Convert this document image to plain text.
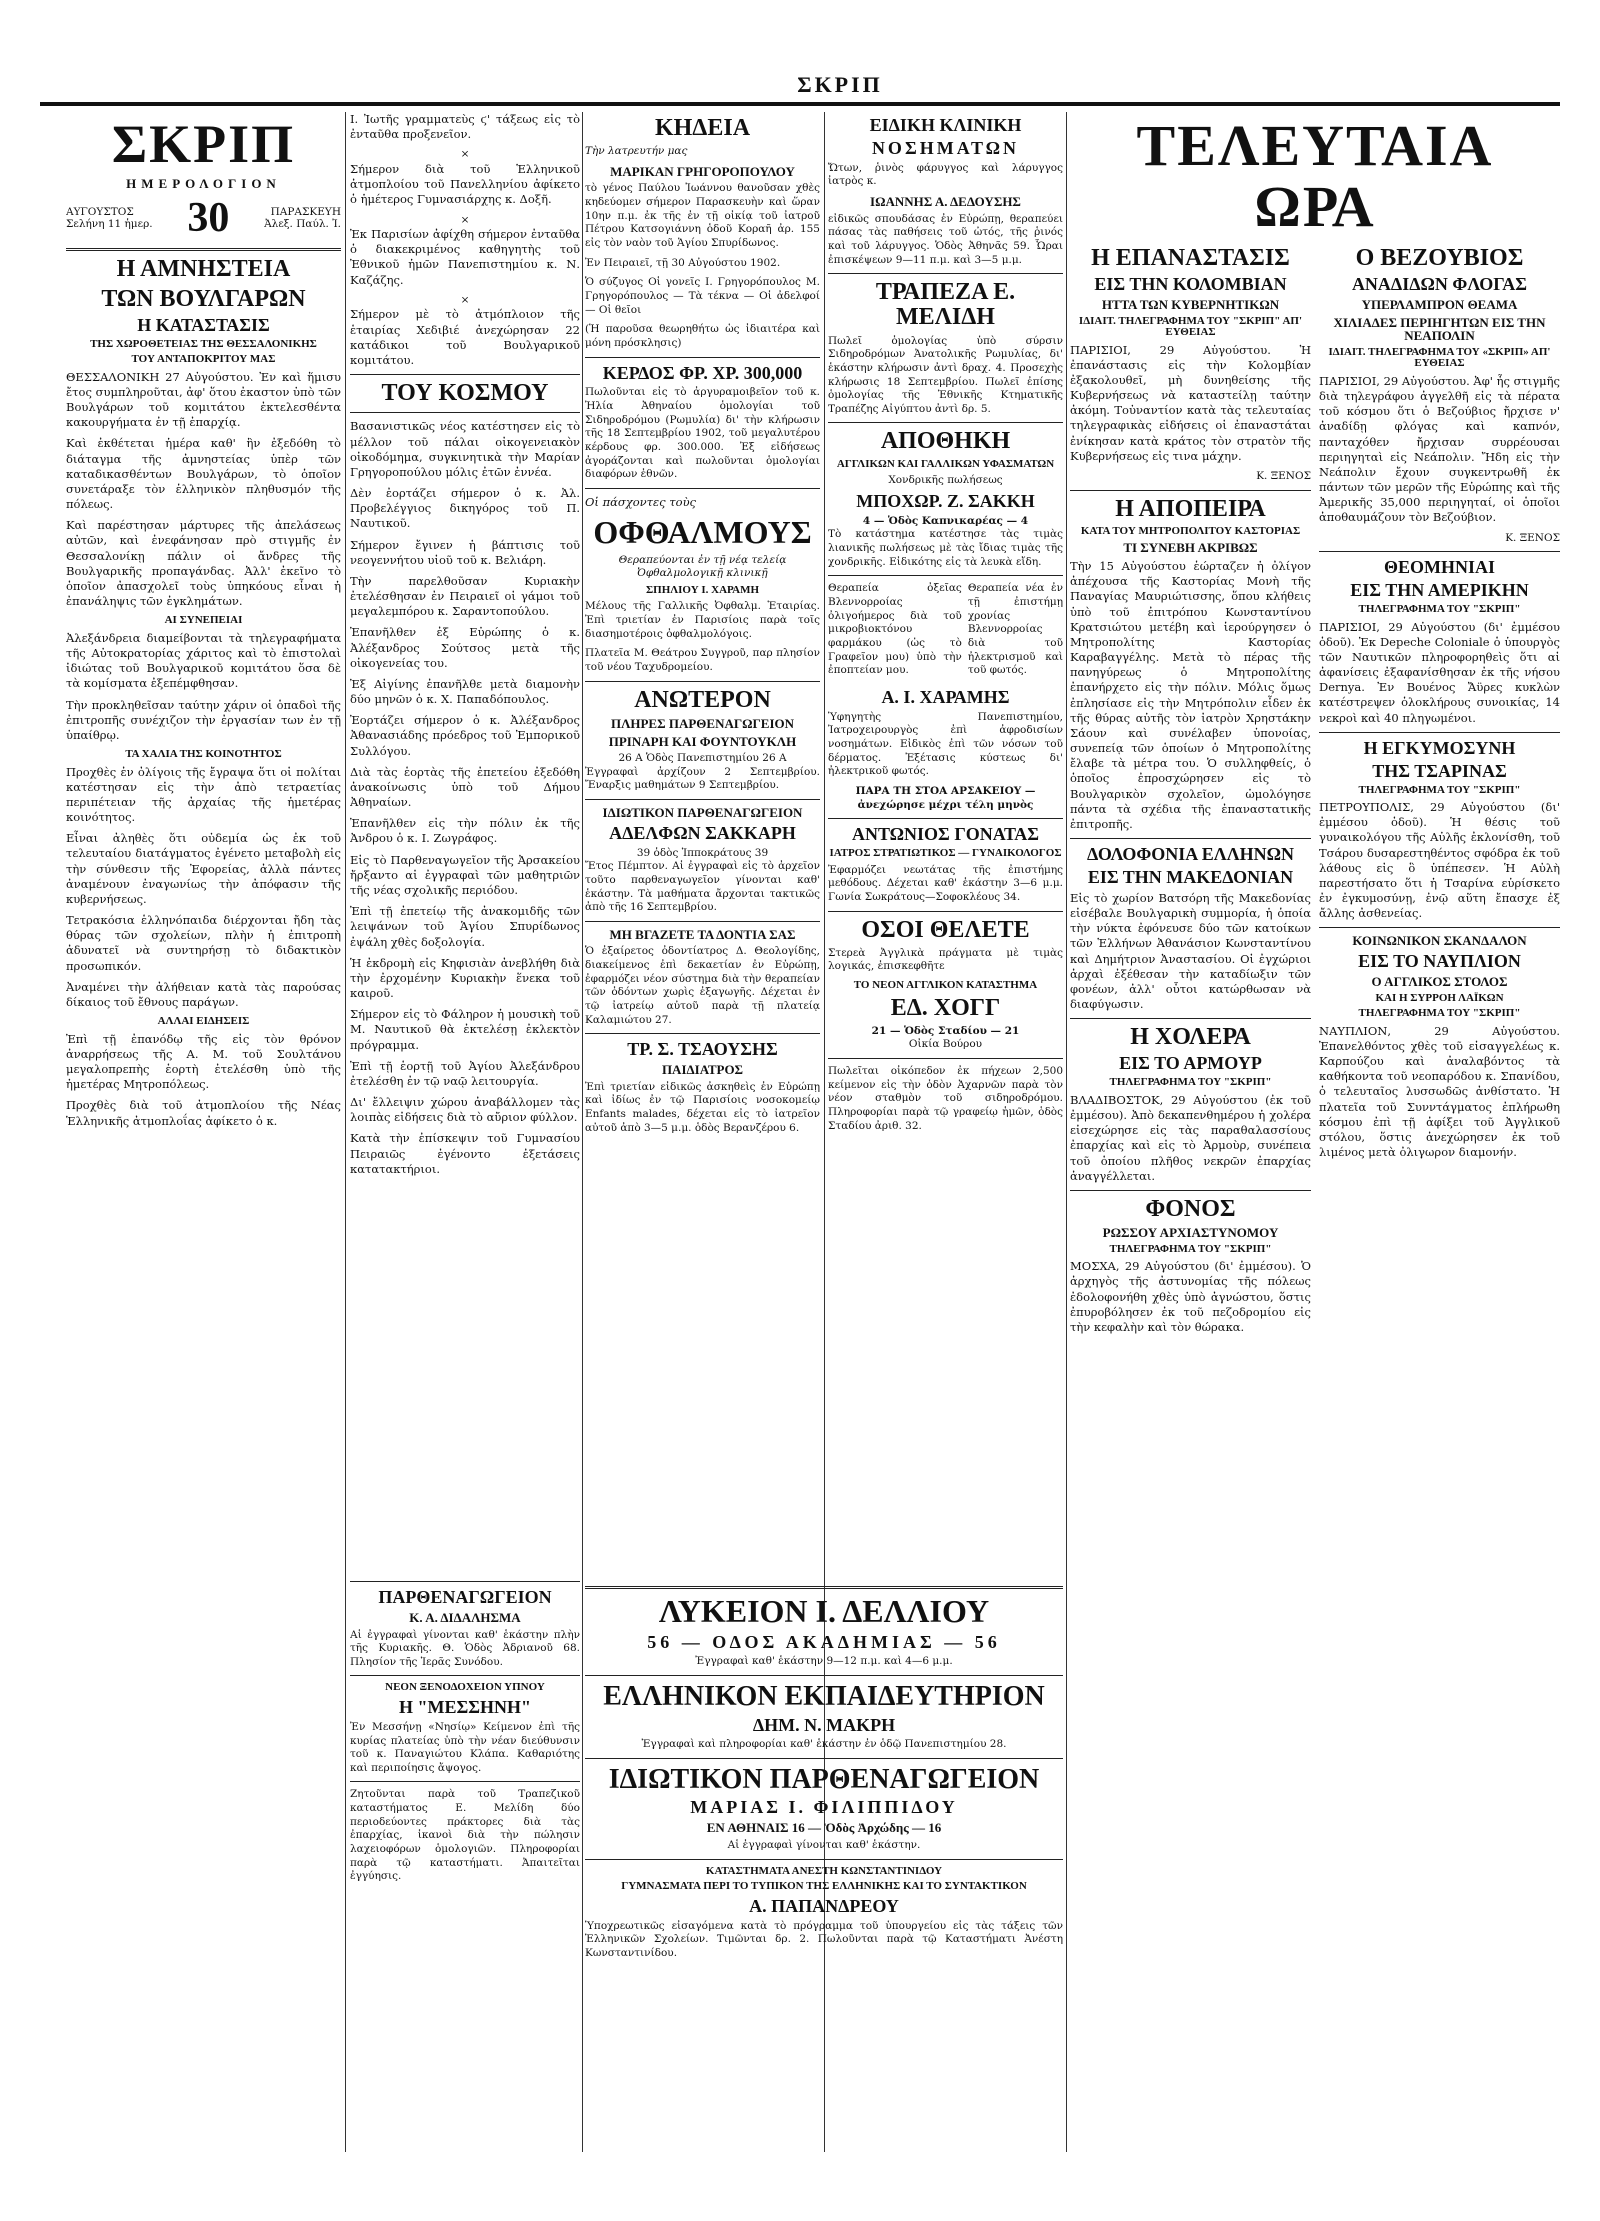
ΣΚΡΙΠ
ΣΚΡΙΠ
ΗΜΕΡΟΛΟΓΙΟΝ
ΑΥΓΟΥΣΤΟΣ
Σελήνη 11 ἡμερ. 30	ΠΑΡΑΣΚΕΥΗ
Ἀλεξ. Παύλ. Ἰ.
Η ΑΜΝΗΣΤΕΙΑ
ΤΩΝ ΒΟΥΛΓΑΡΩΝ
Η ΚΑΤΑΣΤΑΣΙΣ
ΤΗΣ ΧΩΡΟΘΕΤΕΙΑΣ ΤΗΣ ΘΕΣΣΑΛΟΝΙΚΗΣ
ΤΟΥ ΑΝΤΑΠΟΚΡΙΤΟΥ ΜΑΣ

ΘΕΣΣΑΛΟΝΙΚΗ 27 Αὐγούστου. Ἐν καὶ ἥμισυ ἔτος συμπληροῦται, ἀφ' ὅτου ἐκαστον ὑπὸ τῶν Βουλγάρων τοῦ κομιτάτου ἐκτελεσθέντα κακουργήματα ἐν τῇ ἐπαρχίᾳ.

Καὶ ἐκθέτεται ἡμέρα καθ' ἣν ἐξεδόθη τὸ διάταγμα τῆς ἀμνηστείας ὑπὲρ τῶν καταδικασθέντων Βουλγάρων, τὸ ὁποῖον συνετάραξε τὸν ἑλληνικὸν πληθυσμόν τῆς πόλεως.

Καὶ παρέστησαν μάρτυρες τῆς ἀπελάσεως αὐτῶν, καὶ ἐνεφάνησαν πρὸ στιγμῆς ἐν Θεσσαλονίκῃ πάλιν οἱ ἄνδρες τῆς Βουλγαρικῆς προπαγάνδας. Ἀλλ' ἐκεῖνο τὸ ὁποῖον ἀπασχολεῖ τοὺς ὑπηκόους εἶναι ἡ ἐπανάληψις τῶν ἐγκλημάτων.

ΑΙ ΣΥΝΕΠΕΙΑΙ

Ἀλεξάνδρεια διαμείβονται τὰ τηλεγραφήματα τῆς Αὐτοκρατορίας χάριτος καὶ τὸ ἐπιστολαὶ ἰδιώτας τοῦ Βουλγαρικοῦ κομιτάτου ὅσα δὲ τὰ κομίσματα ἐξεπέμφθησαν.

Τὴν προκληθεῖσαν ταύτην χάριν οἱ ὁπαδοὶ τῆς ἐπιτροπῆς συνέχιζον τὴν ἐργασίαν των ἐν τῇ ὑπαίθρῳ.

ΤΑ ΧΑΛΙΑ ΤΗΣ ΚΟΙΝΟΤΗΤΟΣ

Προχθὲς ἐν ὀλίγοις τῆς ἔγραψα ὅτι οἱ πολίται κατέστησαν εἰς τὴν ἀπὸ τετραετίας περιπέτειαν τῆς ἀρχαίας τῆς ἡμετέρας κοινότητος.

Εἶναι ἀληθὲς ὅτι οὐδεμία ὡς ἐκ τοῦ τελευταίου διατάγματος ἐγένετο μεταβολὴ εἰς τὴν σύνθεσιν τῆς Ἐφορείας, ἀλλὰ πάντες ἀναμένουν ἐναγωνίως τὴν ἀπόφασιν τῆς κυβερνήσεως.

Τετρακόσια ἑλληνόπαιδα διέρχονται ἤδη τὰς θύρας τῶν σχολείων, πλὴν ἡ ἐπιτροπὴ ἀδυνατεῖ νὰ συντηρήσῃ τὸ διδακτικὸν προσωπικόν.

Ἀναμένει τὴν ἀλήθειαν κατὰ τὰς παρούσας δίκαιος τοῦ ἔθνους παράγων.

ΑΛΛΑΙ ΕΙΔΗΣΕΙΣ

Ἐπὶ τῇ ἐπανόδῳ τῆς εἰς τὸν θρόνον ἀναρρήσεως τῆς Α. Μ. τοῦ Σουλτάνου μεγαλοπρεπὴς ἑορτὴ ἐτελέσθη ὑπὸ τῆς ἡμετέρας Μητροπόλεως.

Προχθὲς διὰ τοῦ ἀτμοπλοίου τῆς Νέας Ἑλληνικῆς ἀτμοπλοΐας ἀφίκετο ὁ κ.

Ι. Ἰωτῆς γραμματεὺς ϛ' τάξεως εἰς τὸ ἐνταῦθα προξενεῖον.

×

Σήμερον διὰ τοῦ Ἑλληνικοῦ ἀτμοπλοίου τοῦ Πανελληνίου ἀφίκετο ὁ ἡμέτερος Γυμνασιάρχης κ. Δοξῆ.

×

Ἐκ Παρισίων ἀφίχθη σήμερον ἐνταῦθα ὁ διακεκριμένος καθηγητὴς τοῦ Ἐθνικοῦ ἡμῶν Πανεπιστημίου κ. Ν. Καζάζης.

×

Σήμερον μὲ τὸ ἀτμόπλοιον τῆς ἑταιρίας Χεδιβιέ ἀνεχώρησαν 22 κατάδικοι τοῦ Βουλγαρικοῦ κομιτάτου.

ΤΟΥ ΚΟΣΜΟΥ

Βασανιστικῶς νέος κατέστησεν εἰς τὸ μέλλον τοῦ πάλαι οἰκογενειακὸν οἰκοδόμημα, συγκινητικὰ τὴν Μαρίαν Γρηγοροπούλου μόλις ἐτῶν ἐννέα.

Δὲν ἐορτάζει σήμερον ὁ κ. Ἀλ. Προβελέγγιος δικηγόρος τοῦ Π. Ναυτικοῦ.

Σήμερον ἔγινεν ἡ βάπτισις τοῦ νεογεννήτου υἱοῦ τοῦ κ. Βελιάρη.

Τὴν παρελθοῦσαν Κυριακὴν ἐτελέσθησαν ἐν Πειραιεῖ οἱ γάμοι τοῦ μεγαλεμπόρου κ. Σαραντοπούλου.

Ἐπανῆλθεν ἐξ Εὐρώπης ὁ κ. Ἀλέξανδρος Σούτσος μετὰ τῆς οἰκογενείας του.

Ἐξ Αἰγίνης ἐπανῆλθε μετὰ διαμονὴν δύο μηνῶν ὁ κ. Χ. Παπαδόπουλος.

Ἐορτάζει σήμερον ὁ κ. Ἀλέξανδρος Ἀθανασιάδης πρόεδρος τοῦ Ἐμπορικοῦ Συλλόγου.

Διὰ τὰς ἑορτὰς τῆς ἐπετείου ἐξεδόθη ἀνακοίνωσις ὑπὸ τοῦ Δήμου Ἀθηναίων.

Ἐπανῆλθεν εἰς τὴν πόλιν ἐκ τῆς Ἀνδρου ὁ κ. Ι. Ζωγράφος.

Εἰς τὸ Παρθεναγωγεῖον τῆς Ἀρσακείου ἤρξαντο αἱ ἐγγραφαὶ τῶν μαθητριῶν τῆς νέας σχολικῆς περιόδου.

Ἐπὶ τῇ ἐπετείῳ τῆς ἀνακομιδῆς τῶν λειψάνων τοῦ Ἁγίου Σπυρίδωνος ἐψάλη χθὲς δοξολογία.

Ἡ ἐκδρομὴ εἰς Κηφισιὰν ἀνεβλήθη διὰ τὴν ἐρχομένην Κυριακὴν ἕνεκα τοῦ καιροῦ.

Σήμερον εἰς τὸ Φάληρον ἡ μουσικὴ τοῦ Μ. Ναυτικοῦ θὰ ἐκτελέσῃ ἐκλεκτὸν πρόγραμμα.

Ἐπὶ τῇ ἑορτῇ τοῦ Ἀγίου Ἀλεξάνδρου ἐτελέσθη ἐν τῷ ναῷ λειτουργία.

Δι' ἔλλειψιν χώρου ἀναβάλλομεν τὰς λοιπὰς εἰδήσεις διὰ τὸ αὔριον φύλλον.

Κατὰ τὴν ἐπίσκεψιν τοῦ Γυμνασίου Πειραιῶς ἐγένοντο ἐξετάσεις κατατακτήριοι.

ΠΑΡΘΕΝΑΓΩΓΕΙΟΝ
Κ. Α. ΔΙΔΑΛΗΣΜΑ

Αἱ ἐγγραφαὶ γίνονται καθ' ἑκάστην πλὴν τῆς Κυριακῆς. Θ. Ὁδὸς Ἀδριανοῦ 68. Πλησίον τῆς Ἱερᾶς Συνόδου.

ΝΕΟΝ ΞΕΝΟΔΟΧΕΙΟΝ ΥΠΝΟΥ
Η "ΜΕΣΣΗΝΗ"

Ἐν Μεσσήνῃ «Νησίῳ» Κείμενον ἐπὶ τῆς κυρίας πλατείας ὑπὸ τὴν νέαν διεύθυνσιν τοῦ κ. Παναγιώτου Κλάπα. Καθαριότης καὶ περιποίησις ἄψογος.

Ζητοῦνται παρὰ τοῦ Τραπεζικοῦ καταστήματος Ε. Μελίδη δύο περιοδεύοντες πράκτορες διὰ τὰς ἐπαρχίας, ἱκανοὶ διὰ τὴν πώλησιν λαχειοφόρων ὁμολογιῶν. Πληροφορίαι παρὰ τῷ καταστήματι. Ἀπαιτεῖται ἐγγύησις.

ΚΗΔΕΙΑ
Τὴν λατρευτήν μας
ΜΑΡΙΚΑΝ ΓΡΗΓΟΡΟΠΟΥΛΟΥ

τὸ γένος Παύλου Ἰωάννου θανοῦσαν χθὲς κηδεύομεν σήμερον Παρασκευὴν καὶ ὥραν 10ην π.μ. ἐκ τῆς ἐν τῇ οἰκίᾳ τοῦ ἰατροῦ Πέτρου Κατσογιάννη ὁδοῦ Κοραῆ ἀρ. 155 εἰς τὸν ναὸν τοῦ Ἁγίου Σπυρίδωνος.

Ἐν Πειραιεῖ, τῇ 30 Αὐγούστου 1902.

Ὁ σύζυγος Οἱ γονεῖς Ι. Γρηγορόπουλος Μ. Γρηγορόπουλος — Τὰ τέκνα — Οἱ ἀδελφοί — Οἱ θεῖοι

(Ἡ παροῦσα θεωρηθήτω ὡς ἰδιαιτέρα καὶ μόνη πρόσκλησις)

ΚΕΡΔΟΣ ΦΡ. ΧΡ. 300,000

Πωλοῦνται εἰς τὸ ἀργυραμοιβεῖον τοῦ κ. Ἠλία Ἀθηναίου ὁμολογίαι τοῦ Σιδηροδρόμου (Ρωμυλία) δι' τὴν κλήρωσιν τῆς 18 Σεπτεμβρίου 1902, τοῦ μεγαλυτέρου κέρδους φρ. 300.000. Ἐξ εἰδήσεως ἀγοράζονται καὶ πωλοῦνται ὁμολογίαι διαφόρων ἐθνῶν.

Οἱ πάσχοντες τοὺς
ΟΦΘΑΛΜΟΥΣ
Θεραπεύονται ἐν τῇ νέᾳ τελείᾳ Ὀφθαλμολογικῇ κλινικῇ
ΣΠΗΛΙΟΥ Ι. ΧΑΡΑΜΗ

Μέλους τῆς Γαλλικῆς Ὀφθαλμ. Ἑταιρίας. Ἐπὶ τριετίαν ἐν Παρισίοις παρὰ τοῖς διασημοτέροις ὀφθαλμολόγοις.

Πλατεῖα Μ. Θεάτρου Συγγροῦ, παρ πλησίον τοῦ νέου Ταχυδρομείου.

ΑΝΩΤΕΡΟΝ
ΠΛΗΡΕΣ ΠΑΡΘΕΝΑΓΩΓΕΙΟΝ
ΠΡΙΝΑΡΗ ΚΑΙ ΦΟΥΝΤΟΥΚΛΗ
26 Α Ὁδὸς Πανεπιστημίου 26 Α

Ἐγγραφαὶ ἀρχίζουν 2 Σεπτεμβρίου. Ἔναρξις μαθημάτων 9 Σεπτεμβρίου.

ΙΔΙΩΤΙΚΟΝ ΠΑΡΘΕΝΑΓΩΓΕΙΟΝ
ΑΔΕΛΦΩΝ ΣΑΚΚΑΡΗ
39 ὁδὸς Ἱπποκράτους 39

Ἔτος Πέμπτον. Αἱ ἐγγραφαὶ εἰς τὸ ἀρχεῖον τοῦτο παρθεναγωγεῖον γίνονται καθ' ἑκάστην. Τὰ μαθήματα ἄρχονται τακτικῶς ἀπὸ τῆς 16 Σεπτεμβρίου.

ΜΗ ΒΓΑΖΕΤΕ ΤΑ ΔΟΝΤΙΑ ΣΑΣ

Ὁ ἐξαίρετος ὀδοντίατρος Δ. Θεολογίδης, διακείμενος ἐπὶ δεκαετίαν ἐν Εὐρώπῃ, ἐφαρμόζει νέον σύστημα διὰ τὴν θεραπείαν τῶν ὀδόντων χωρὶς ἐξαγωγῆς. Δέχεται ἐν τῷ ἰατρείῳ αὐτοῦ παρὰ τῇ πλατείᾳ Καλαμιώτου 27.

ΤΡ. Σ. ΤΣΑΟΥΣΗΣ
ΠΑΙΔΙΑΤΡΟΣ

Ἐπὶ τριετίαν εἰδικῶς ἀσκηθεὶς ἐν Εὐρώπῃ καὶ ἰδίως ἐν τῷ Παρισίοις νοσοκομείῳ Enfants malades, δέχεται εἰς τὸ ἰατρεῖον αὐτοῦ ἀπὸ 3—5 μ.μ. ὁδὸς Βερανζέρου 6.

ΕΙΔΙΚΗ ΚΛΙΝΙΚΗ
ΝΟΣΗΜΑΤΩΝ

Ὤτων, ῥινὸς φάρυγγος καὶ λάρυγγος ἰατρὸς κ.

ΙΩΑΝΝΗΣ Α. ΔΕΔΟΥΣΗΣ

εἰδικῶς σπουδάσας ἐν Εὐρώπῃ, θεραπεύει πάσας τὰς παθήσεις τοῦ ὠτός, τῆς ῥινός καὶ τοῦ λάρυγγος. Ὁδὸς Ἀθηνᾶς 59. Ὧραι ἐπισκέψεων 9—11 π.μ. καὶ 3—5 μ.μ.

ΤΡΑΠΕΖΑ Ε. ΜΕΛΙΔΗ

Πωλεῖ ὁμολογίας ὑπὸ σύρσιν Σιδηροδρόμων Ἀνατολικῆς Ρωμυλίας, δι' ἑκάστην κλήρωσιν ἀντὶ δραχ. 4. Προσεχὴς κλήρωσις 18 Σεπτεμβρίου. Πωλεῖ ἐπίσης ὁμολογίας τῆς Ἐθνικῆς Κτηματικῆς Τραπέζης Αἰγύπτου ἀντὶ δρ. 5.

ΑΠΟΘΗΚΗ
ΑΓΓΛΙΚΩΝ ΚΑΙ ΓΑΛΛΙΚΩΝ ΥΦΑΣΜΑΤΩΝ
Χονδρικῆς πωλήσεως
ΜΠΟΧΩΡ. Ζ. ΣΑΚΚΗ
4 — Ὁδὸς Καπνικαρέας — 4

Τὸ κατάστημα κατέστησε τὰς τιμὰς λιανικῆς πωλήσεως μὲ τὰς ἴδιας τιμὰς τῆς χονδρικῆς. Εἰδικότης εἰς τὰ λευκὰ εἴδη.

Θεραπεία ὀξεῖας Βλεννορροίας ὀλιγοήμερος διὰ τοῦ μικροβιοκτόνου φαρμάκου (ὡς τὸ Γραφεῖον μου) ὑπὸ τὴν ἐποπτείαν μου.

Θεραπεία νέα ἐν τῇ ἐπιστήμῃ χρονίας Βλεννορροίας διὰ τοῦ ἠλεκτρισμοῦ καὶ τοῦ φωτός.

Α. Ι. ΧΑΡΑΜΗΣ

Ὑφηγητὴς Πανεπιστημίου, Ἰατροχειρουργὸς ἐπὶ ἀφροδισίων νοσημάτων. Εἰδικὸς ἐπὶ τῶν νόσων τοῦ δέρματος. Ἐξέτασις κύστεως δι' ἠλεκτρικοῦ φωτός.

ΠΑΡΑ ΤΗ ΣΤΟΑ ΑΡΣΑΚΕΙΟΥ — ἀνεχώρησε μέχρι τέλη μηνὸς
ΑΝΤΩΝΙΟΣ ΓΟΝΑΤΑΣ
ΙΑΤΡΟΣ ΣΤΡΑΤΙΩΤΙΚΟΣ — ΓΥΝΑΙΚΟΛΟΓΟΣ

Ἐφαρμόζει νεωτάτας τῆς ἐπιστήμης μεθόδους. Δέχεται καθ' ἑκάστην 3—6 μ.μ. Γωνία Σωκράτους—Σοφοκλέους 34.

ΟΣΟΙ ΘΕΛΕΤΕ

Στερεὰ Ἀγγλικὰ πράγματα μὲ τιμὰς λογικάς, ἐπισκεφθῆτε

ΤΟ ΝΕΟΝ ΑΓΓΛΙΚΟΝ ΚΑΤΑΣΤΗΜΑ
ΕΔ. ΧΟΓΓ
21 — Ὁδὸς Σταδίου — 21
Οἰκία Βούρου

Πωλεῖται οἰκόπεδον ἐκ πήχεων 2,500 κείμενον εἰς τὴν ὁδὸν Ἀχαρνῶν παρὰ τὸν νέον σταθμὸν τοῦ σιδηροδρόμου. Πληροφορίαι παρὰ τῷ γραφείῳ ἡμῶν, ὁδὸς Σταδίου ἀριθ. 32.

ΛΥΚΕΙΟΝ Ι. ΔΕΛΛΙΟΥ
56 — ΟΔΟΣ ΑΚΑΔΗΜΙΑΣ — 56
Ἐγγραφαὶ καθ' ἑκάστην 9—12 π.μ. καὶ 4—6 μ.μ.
ΕΛΛΗΝΙΚΟΝ ΕΚΠΑΙΔΕΥΤΗΡΙΟΝ
ΔΗΜ. Ν. ΜΑΚΡΗ
Ἐγγραφαὶ καὶ πληροφορίαι καθ' ἑκάστην ἐν ὁδῷ Πανεπιστημίου 28.
ΙΔΙΩΤΙΚΟΝ ΠΑΡΘΕΝΑΓΩΓΕΙΟΝ
ΜΑΡΙΑΣ Ι. ΦΙΛΙΠΠΙΔΟΥ
ΕΝ ΑΘΗΝΑΙΣ 16 — Ὁδὸς Ἀρχώδης — 16
Αἱ ἐγγραφαὶ γίνονται καθ' ἑκάστην.
ΚΑΤΑΣΤΗΜΑΤΑ ΑΝΕΣΤΗ ΚΩΝΣΤΑΝΤΙΝΙΔΟΥ
ΓΥΜΝΑΣΜΑΤΑ ΠΕΡΙ ΤΟ ΤΥΠΙΚΟΝ ΤΗΣ ΕΛΛΗΝΙΚΗΣ ΚΑΙ ΤΟ ΣΥΝΤΑΚΤΙΚΟΝ
Α. ΠΑΠΑΝΔΡΕΟΥ

Ὑποχρεωτικῶς εἰσαγόμενα κατὰ τὸ πρόγραμμα τοῦ ὑπουργείου εἰς τὰς τάξεις τῶν Ἑλληνικῶν Σχολείων. Τιμῶνται δρ. 2. Πωλοῦνται παρὰ τῷ Καταστήματι Ἀνέστη Κωνσταντινίδου.

ΤΕΛΕΥΤΑΙΑ ΩΡΑ
Η ΕΠΑΝΑΣΤΑΣΙΣ
ΕΙΣ ΤΗΝ ΚΟΛΟΜΒΙΑΝ
ΗΤΤΑ ΤΩΝ ΚΥΒΕΡΝΗΤΙΚΩΝ
ΙΔΙΑΙΤ. ΤΗΛΕΓΡΑΦΗΜΑ ΤΟΥ "ΣΚΡΙΠ" ΑΠ' ΕΥΘΕΙΑΣ

ΠΑΡΙΣΙΟΙ, 29 Αὐγούστου. Ἡ ἐπανάστασις εἰς τὴν Κολομβίαν ἐξακολουθεῖ, μὴ δυνηθείσης τῆς Κυβερνήσεως νὰ καταστείλῃ ταύτην ἀκόμη. Τοὐναντίον κατὰ τὰς τελευταίας τηλεγραφικὰς εἰδήσεις οἱ ἐπαναστάται ἐνίκησαν κατὰ κράτος τὸν στρατὸν τῆς Κυβερνήσεως εἰς τινα μάχην.

Κ. ΞΕΝΟΣ
Η ΑΠΟΠΕΙΡΑ
ΚΑΤΑ ΤΟΥ ΜΗΤΡΟΠΟΛΙΤΟΥ ΚΑΣΤΟΡΙΑΣ
ΤΙ ΣΥΝΕΒΗ ΑΚΡΙΒΩΣ

Τὴν 15 Αὐγούστου ἑώρταζεν ἡ ὀλίγον ἀπέχουσα τῆς Καστορίας Μονὴ τῆς Παναγίας Μαυριώτισσης, ὅπου κλήθεις ὑπὸ τοῦ ἐπιτρόπου Κωνσταντίνου Κρατσιώτου μετέβη καὶ ἱερούργησεν ὁ Μητροπολίτης Καστορίας Καραβαγγέλης. Μετὰ τὸ πέρας τῆς πανηγύρεως ὁ Μητροπολίτης ἐπανήρχετο εἰς τὴν πόλιν. Μόλις ὅμως ἐπλησίασε εἰς τὴν Μητρόπολιν εἶδεν ἐκ τῆς θύρας αὐτῆς τὸν ἰατρὸν Χρηστάκην Σάουν καὶ συνέλαβεν ὑπονοίας, συνεπείᾳ τῶν ὁποίων ὁ Μητροπολίτης ἔλαβε τὰ μέτρα του. Ὁ συλληφθείς, ὁ ὁποῖος ἐπροσχώρησεν εἰς τὸ Βουλγαρικὸν σχολεῖον, ὡμολόγησε πάντα τὰ σχέδια τῆς ἐπαναστατικῆς ἐπιτροπῆς.

ΔΟΛΟΦΟΝΙΑ ΕΛΛΗΝΩΝ
ΕΙΣ ΤΗΝ ΜΑΚΕΔΟΝΙΑΝ

Εἰς τὸ χωρίον Βατσόρη τῆς Μακεδονίας εἰσέβαλε Βουλγαρικὴ συμμορία, ἡ ὁποία τὴν νύκτα ἐφόνευσε δύο τῶν κατοίκων τῶν Ἑλλήνων Ἀθανάσιον Κωνσταντίνου καὶ Δημήτριον Ἀναστασίου. Οἱ ἐγχώριοι ἀρχαὶ ἐξέθεσαν τὴν καταδίωξιν τῶν φονέων, ἀλλ' οὗτοι κατώρθωσαν νὰ διαφύγωσιν.

Η ΧΟΛΕΡΑ
ΕΙΣ ΤΟ ΑΡΜΟΥΡ
ΤΗΛΕΓΡΑΦΗΜΑ ΤΟΥ "ΣΚΡΙΠ"

ΒΛΑΔΙΒΟΣΤΟΚ, 29 Αὐγούστου (ἐκ τοῦ ἐμμέσου). Ἀπὸ δεκαπενθημέρου ἡ χολέρα εἰσεχώρησε εἰς τὰς παραθαλασσίους ἐπαρχίας καὶ εἰς τὸ Ἀρμοὺρ, συνέπεια τοῦ ὁποίου πλῆθος νεκρῶν ἐπαρχίας ἀναγγέλλεται.

ΦΟΝΟΣ
ΡΩΣΣΟΥ ΑΡΧΙΑΣΤΥΝΟΜΟΥ
ΤΗΛΕΓΡΑΦΗΜΑ ΤΟΥ "ΣΚΡΙΠ"

ΜΟΣΧΑ, 29 Αὐγούστου (δι' ἐμμέσου). Ὁ ἀρχηγὸς τῆς ἀστυνομίας τῆς πόλεως ἐδολοφονήθη χθὲς ὑπὸ ἀγνώστου, ὅστις ἐπυροβόλησεν ἐκ τοῦ πεζοδρομίου εἰς τὴν κεφαλὴν καὶ τὸν θώρακα.

Ο ΒΕΖΟΥΒΙΟΣ
ΑΝΑΔΙΔΩΝ ΦΛΟΓΑΣ
ΥΠΕΡΛΑΜΠΡΟΝ ΘΕΑΜΑ
ΧΙΛΙΑΔΕΣ ΠΕΡΙΗΓΗΤΩΝ ΕΙΣ ΤΗΝ ΝΕΑΠΟΛΙΝ
ΙΔΙΑΙΤ. ΤΗΛΕΓΡΑΦΗΜΑ ΤΟΥ «ΣΚΡΙΠ» ΑΠ' ΕΥΘΕΙΑΣ

ΠΑΡΙΣΙΟΙ, 29 Αὐγούστου. Ἀφ' ἧς στιγμῆς διὰ τηλεγράφου ἀγγελθῆ εἰς τὰ πέρατα τοῦ κόσμου ὅτι ὁ Βεζούβιος ἤρχισε ν' ἀναδίδῃ φλόγας καὶ καπνόν, πανταχόθεν ἤρχισαν συρρέουσαι περιηγηταὶ εἰς Νεάπολιν. Ἤδη εἰς τὴν Νεάπολιν ἔχουν συγκεντρωθῆ ἐκ πάντων τῶν μερῶν τῆς Εὐρώπης καὶ τῆς Ἀμερικῆς 35,000 περιηγηταί, οἱ ὁποῖοι ἀποθαυμάζουν τὸν Βεζούβιον.

Κ. ΞΕΝΟΣ
ΘΕΟΜΗΝΙΑΙ
ΕΙΣ ΤΗΝ ΑΜΕΡΙΚΗΝ
ΤΗΛΕΓΡΑΦΗΜΑ ΤΟΥ "ΣΚΡΙΠ"

ΠΑΡΙΣΙΟΙ, 29 Αὐγούστου (δι' ἐμμέσου ὁδοῦ). Ἐκ Depeche Coloniale ὁ ὑπουργὸς τῶν Ναυτικῶν πληροφορηθεὶς ὅτι αἱ ἀφανίσεις ἐξαφανίσθησαν ἐκ τῆς νήσου Dernya. Ἐν Βουένος Ἄϋρες κυκλὼν κατέστρεψεν ὁλοκλήρους συνοικίας, 14 νεκροὶ καὶ 40 πληγωμένοι.

Η ΕΓΚΥΜΟΣΥΝΗ
ΤΗΣ ΤΣΑΡΙΝΑΣ
ΤΗΛΕΓΡΑΦΗΜΑ ΤΟΥ "ΣΚΡΙΠ"

ΠΕΤΡΟΥΠΟΛΙΣ, 29 Αὐγούστου (δι' ἐμμέσου ὁδοῦ). Ἡ θέσις τοῦ γυναικολόγου τῆς Αὐλῆς ἐκλονίσθη, τοῦ Τσάρου δυσαρεστηθέντος σφόδρα ἐκ τοῦ λάθους εἰς ὃ ὑπέπεσεν. Ἡ Αὐλὴ παρεστήσατο ὅτι ἡ Τσαρίνα εὑρίσκετο ἐν ἐγκυμοσύνῃ, ἐνῷ αὕτη ἔπασχε ἐξ ἄλλης ἀσθενείας.

ΚΟΙΝΩΝΙΚΟΝ ΣΚΑΝΔΑΛΟΝ
ΕΙΣ ΤΟ ΝΑΥΠΛΙΟΝ
Ο ΑΓΓΛΙΚΟΣ ΣΤΟΛΟΣ
ΚΑΙ Η ΣΥΡΡΟΗ ΛΑΪΚΩΝ
ΤΗΛΕΓΡΑΦΗΜΑ ΤΟΥ "ΣΚΡΙΠ"

ΝΑΥΠΛΙΟΝ, 29 Αὐγούστου. Ἐπανελθόντος χθὲς τοῦ εἰσαγγελέως κ. Καρπούζου καὶ ἀναλαβόντος τὰ καθήκοντα τοῦ νεοπαρόδου κ. Σπανίδου, ὁ τελευταῖος λυσσωδῶς ἀνθίστατο. Ἡ πλατεῖα τοῦ Συνντάγματος ἐπλήρωθη κόσμου ἐπὶ τῇ ἀφίξει τοῦ Ἀγγλικοῦ στόλου, ὅστις ἀνεχώρησεν ἐκ τοῦ λιμένος μετὰ ὀλιγωρον διαμονήν.
